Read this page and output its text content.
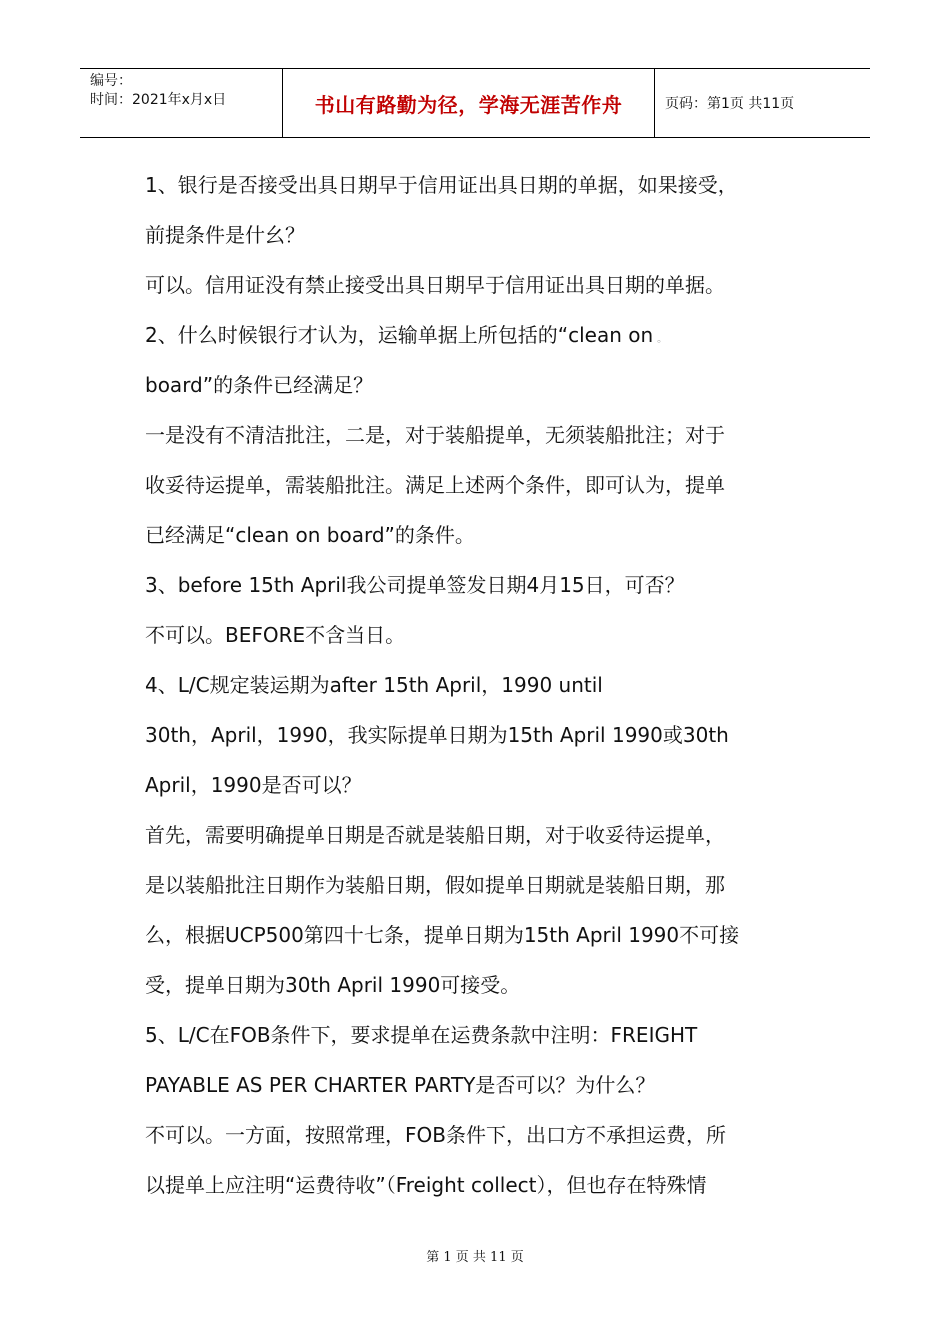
编号：
时间：2021年x月x日	书山有路勤为径，学海无涯苦作舟	页码：第1页 共11页
1、银行是否接受出具日期早于信用证出具日期的单据，如果接受，
前提条件是什幺？
可以。信用证没有禁止接受出具日期早于信用证出具日期的单据。
2、什么时候银行才认为，运输单据上所包括的“clean on 。
board”的条件已经满足？
一是没有不清洁批注，二是，对于装船提单，无须装船批注；对于
收妥待运提单，需装船批注。满足上述两个条件，即可认为，提单
已经满足“clean on board”的条件。
3、before 15th April我公司提单签发日期4月15日，可否？
不可以。BEFORE不含当日。
4、L/C规定装运期为after 15th April，1990 until
30th，April，1990，我实际提单日期为15th April 1990或30th
April，1990是否可以？
首先，需要明确提单日期是否就是装船日期，对于收妥待运提单，
是以装船批注日期作为装船日期，假如提单日期就是装船日期，那
么，根据UCP500第四十七条，提单日期为15th April 1990不可接
受，提单日期为30th April 1990可接受。
5、L/C在FOB条件下，要求提单在运费条款中注明：FREIGHT
PAYABLE AS PER CHARTER PARTY是否可以？为什么？
不可以。一方面，按照常理，FOB条件下，出口方不承担运费，所
以提单上应注明“运费待收”（Freight collect），但也存在特殊情
第 1 页 共 11 页
